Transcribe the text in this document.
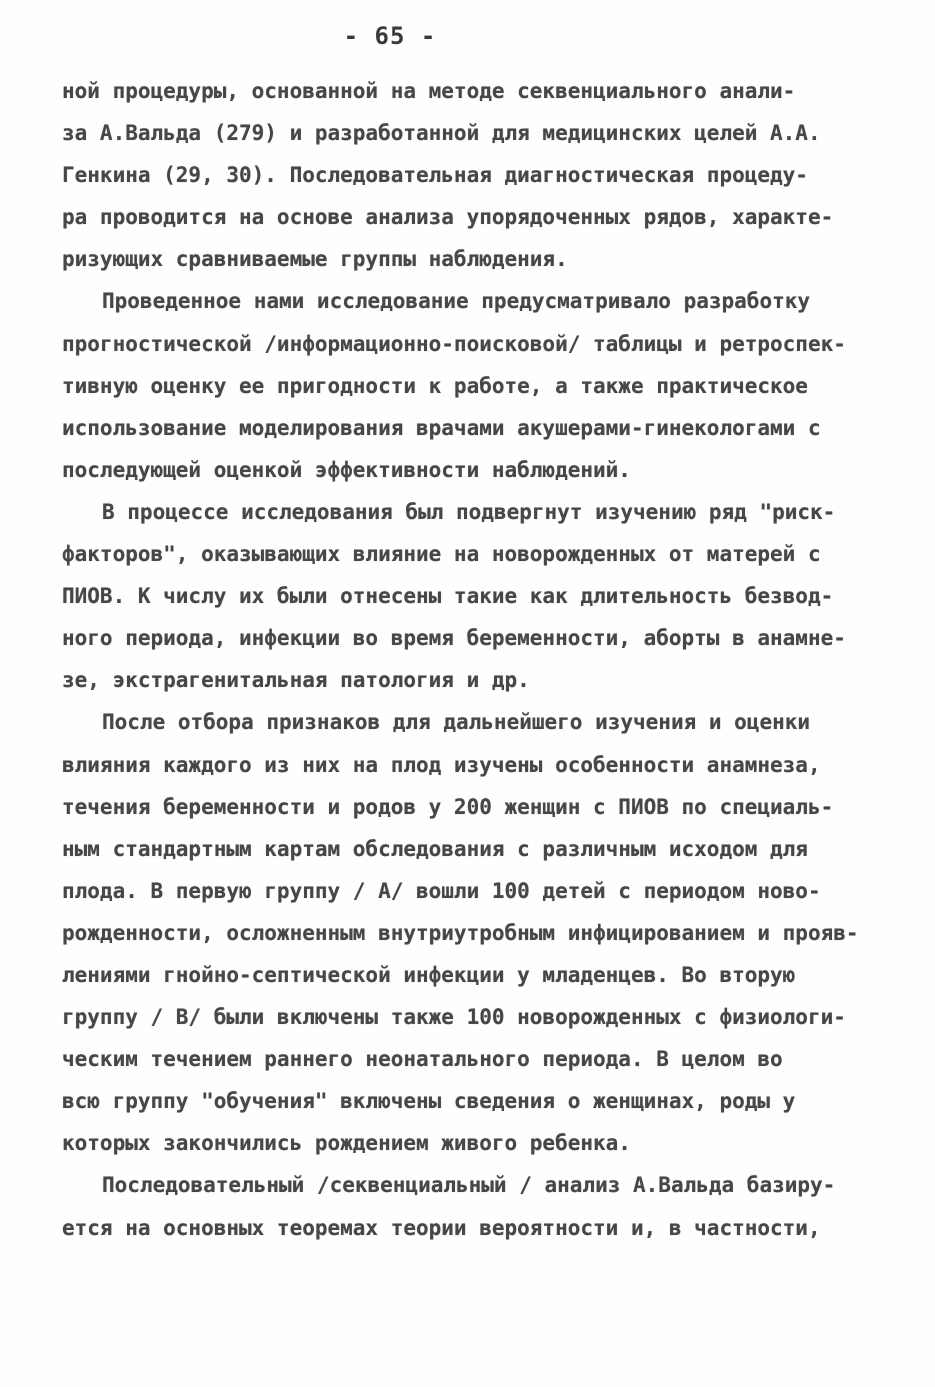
- 65 -
ной процедуры, основанной на методе секвенциального анали-
за А.Вальда (279) и разработанной для медицинских целей А.А.
Генкина (29, 30). Последовательная диагностическая процеду-
ра проводится на основе анализа упорядоченных рядов, характе-
ризующих сравниваемые группы наблюдения.
Проведенное нами исследование предусматривало разработку
прогностической /информационно-поисковой/ таблицы и ретроспек-
тивную оценку ее пригодности к работе, а также практическое
использование моделирования врачами акушерами-гинекологами с
последующей оценкой эффективности наблюдений.
В процессе исследования был подвергнут изучению ряд "риск-
факторов", оказывающих влияние на новорожденных от матерей с
ПИОВ. К числу их были отнесены такие как длительность безвод-
ного периода, инфекции во время беременности, аборты в анамне-
зе, экстрагенитальная патология и др.
После отбора признаков для дальнейшего изучения и оценки
влияния каждого из них на плод изучены особенности анамнеза,
течения беременности и родов у 200 женщин с ПИОВ по специаль-
ным стандартным картам обследования с различным исходом для
плода. В первую группу / А/ вошли 100 детей с периодом ново-
рожденности, осложненным внутриутробным инфицированием и прояв-
лениями гнойно-септической инфекции у младенцев. Во вторую
группу / В/ были включены также 100 новорожденных с физиологи-
ческим течением раннего неонатального периода. В целом во
всю группу "обучения" включены сведения о женщинах, роды у
которых закончились рождением живого ребенка.
Последовательный /секвенциальный / анализ А.Вальда базиру-
ется на основных теоремах теории вероятности и, в частности,
